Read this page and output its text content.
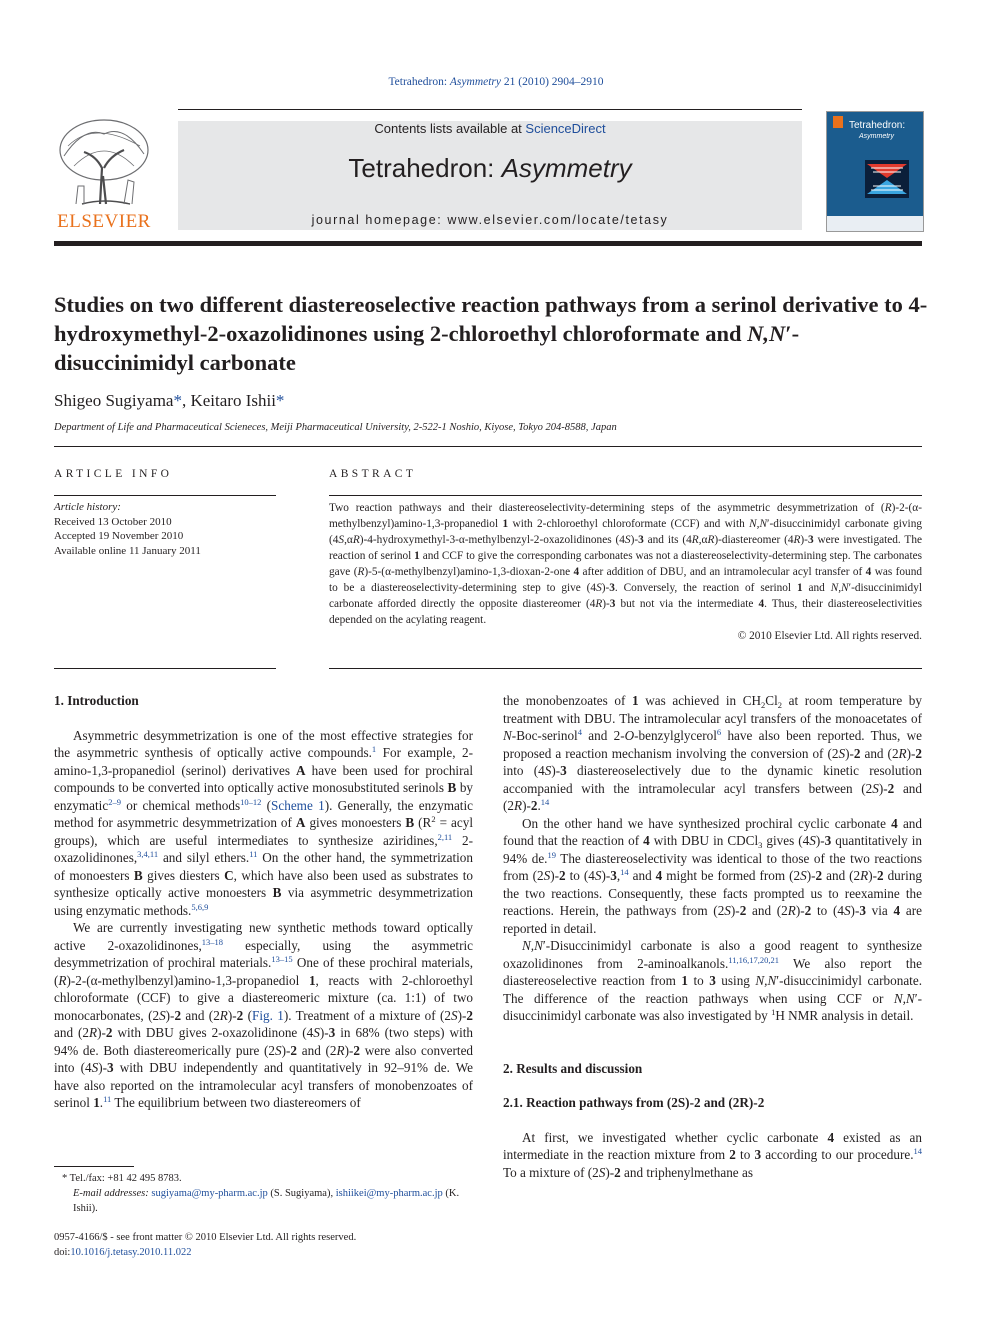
Tetrahedron: Asymmetry 21 (2010) 2904–2910
ELSEVIER
Contents lists available at ScienceDirect
Tetrahedron: Asymmetry
journal homepage: www.elsevier.com/locate/tetasy
Tetrahedron:
Asymmetry
Studies on two different diastereoselective reaction pathways from a serinol derivative to 4-hydroxymethyl-2-oxazolidinones using 2-chloroethyl chloroformate and N,N′-disuccinimidyl carbonate
Shigeo Sugiyama*, Keitaro Ishii*
Department of Life and Pharmaceutical Scieneces, Meiji Pharmaceutical University, 2-522-1 Noshio, Kiyose, Tokyo 204-8588, Japan
ARTICLE INFO
Article history:
Received 13 October 2010
Accepted 19 November 2010
Available online 11 January 2011
ABSTRACT

Two reaction pathways and their diastereoselectivity-determining steps of the asymmetric desymmetrization of (R)-2-(α-methylbenzyl)amino-1,3-propanediol 1 with 2-chloroethyl chloroformate (CCF) and with N,N′-disuccinimidyl carbonate giving (4S,αR)-4-hydroxymethyl-3-α-methylbenzyl-2-oxazolidinones (4S)-3 and its (4R,αR)-diastereomer (4R)-3 were investigated. The reaction of serinol 1 and CCF to give the corresponding carbonates was not a diastereoselectivity-determining step. The carbonates gave (R)-5-(α-methylbenzyl)amino-1,3-dioxan-2-one 4 after addition of DBU, and an intramolecular acyl transfer of 4 was found to be a diastereoselectivity-determining step to give (4S)-3. Conversely, the reaction of serinol 1 and N,N′-disuccinimidyl carbonate afforded directly the opposite diastereomer (4R)-3 but not via the intermediate 4. Thus, their diastereoselectivities depended on the acylating reagent.

© 2010 Elsevier Ltd. All rights reserved.

1. Introduction

Asymmetric desymmetrization is one of the most effective strategies for the asymmetric synthesis of optically active compounds.$^1$ For example, 2-amino-1,3-propanediol (serinol) derivatives A have been used for prochiral compounds to be converted into optically active monosubstituted serinols B by enzymatic$^{2-9}$ or chemical methods$^{10-12}$ (Scheme 1). Generally, the enzymatic method for asymmetric desymmetrization of A gives monoesters B ($R^2$ = acyl groups), which are useful intermediates to synthesize aziridines,$^{2,11}$ 2-oxazolidinones,$^{3,4,11}$ and silyl ethers.$^{11}$ On the other hand, the symmetrization of monoesters B gives diesters C, which have also been used as substrates to synthesize optically active monoesters B via asymmetric desymmetrization using enzymatic methods.$^{5,6,9}$

We are currently investigating new synthetic methods toward optically active 2-oxazolidinones,$^{13-18}$ especially, using the asymmetric desymmetrization of prochiral materials.$^{13-15}$ One of these prochiral materials, (R)-2-(α-methylbenzyl)amino-1,3-propanediol 1, reacts with 2-chloroethyl chloroformate (CCF) to give a diastereomeric mixture (ca. 1:1) of two monocarbonates, (2S)-2 and (2R)-2 (Fig. 1). Treatment of a mixture of (2S)-2 and (2R)-2 with DBU gives 2-oxazolidinone (4S)-3 in 68% (two steps) with 94% de. Both diastereomerically pure (2S)-2 and (2R)-2 were also converted into (4S)-3 with DBU independently and quantitatively in 92–91% de. We have also reported on the intramolecular acyl transfers of monobenzoates of serinol 1.11 The equilibrium between two diastereomers of

the monobenzoates of 1 was achieved in $CH_2Cl_2$ at room temperature by treatment with DBU. The intramolecular acyl transfers of the monoacetates of N-Boc-serinol$^4$ and 2-O-benzylglycerol$^6$ have also been reported. Thus, we proposed a reaction mechanism involving the conversion of (2S)-2 and (2R)-2 into (4S)-3 diastereoselectively due to the dynamic kinetic resolution accompanied with the intramolecular acyl transfers between (2S)-2 and (2R)-2.14

On the other hand we have synthesized prochiral cyclic carbonate 4 and found that the reaction of 4 with DBU in CDCl$_3$ gives (4S)-3 quantitatively in 94% de.$^{19}$ The diastereoselectivity was identical to those of the two reactions from (2S)-2 to (4S)-3,14 and 4 might be formed from (2S)-2 and (2R)-2 during the two reactions. Consequently, these facts prompted us to reexamine the reactions. Herein, the pathways from (2S)-2 and (2R)-2 to (4S)-3 via 4 are reported in detail.

N,N′-Disuccinimidyl carbonate is also a good reagent to synthesize oxazolidinones from 2-aminoalkanols.$^{11,16,17,20,21}$ We also report the diastereoselective reaction from 1 to 3 using N,N′-disuccinimidyl carbonate. The difference of the reaction pathways when using CCF or N,N′-disuccinimidyl carbonate was also investigated by $^1$H NMR analysis in detail.

2. Results and discussion
2.1. Reaction pathways from (2S)-2 and (2R)-2

At first, we investigated whether cyclic carbonate 4 existed as an intermediate in the reaction mixture from 2 to 3 according to our procedure.$^{14}$ To a mixture of (2S)-2 and triphenylmethane as

* Tel./fax: +81 42 495 8783.
E-mail addresses: sugiyama@my-pharm.ac.jp (S. Sugiyama), ishiikei@my-pharm.ac.jp (K. Ishii).
0957-4166/$ - see front matter © 2010 Elsevier Ltd. All rights reserved.
doi:10.1016/j.tetasy.2010.11.022
